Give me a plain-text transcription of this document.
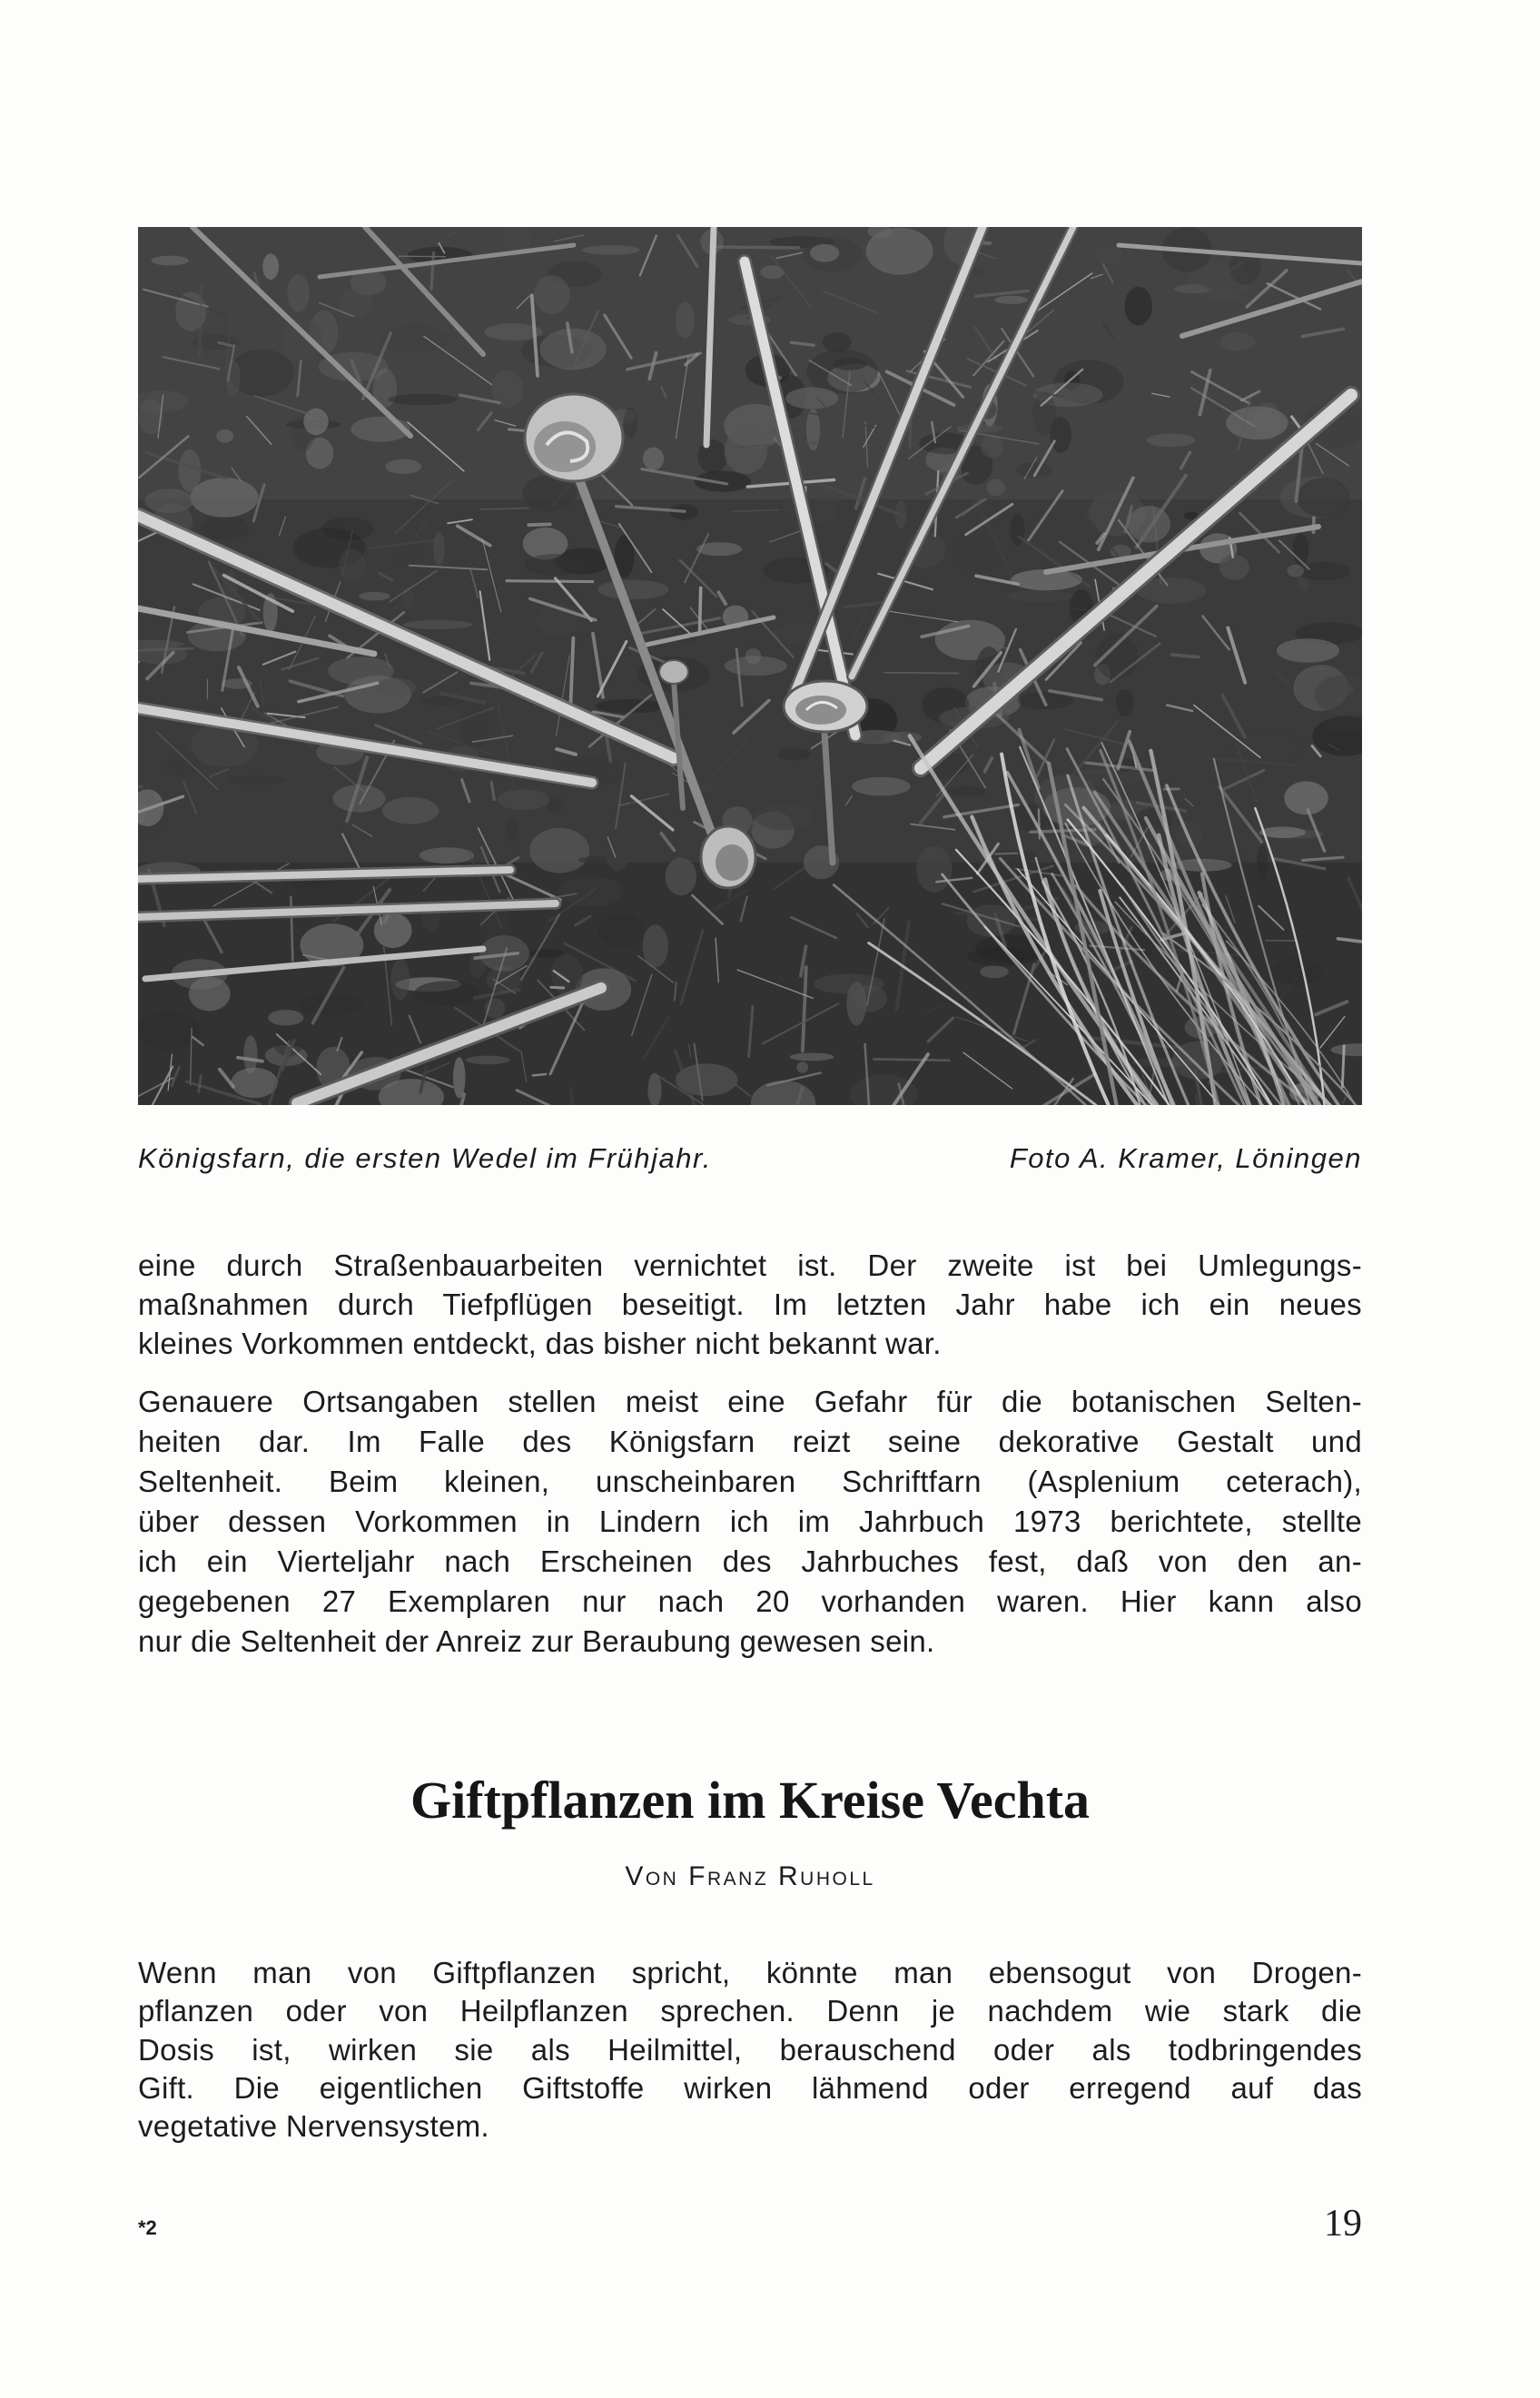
Königsfarn, die ersten Wedel im Frühjahr.	Foto A. Kramer, Löningen
eine durch Straßenbauarbeiten vernichtet ist. Der zweite ist bei Umlegungs-
maßnahmen durch Tiefpflügen beseitigt. Im letzten Jahr habe ich ein neues
kleines Vorkommen entdeckt, das bisher nicht bekannt war.
Genauere Ortsangaben stellen meist eine Gefahr für die botanischen Selten-
heiten dar. Im Falle des Königsfarn reizt seine dekorative Gestalt und
Seltenheit. Beim kleinen, unscheinbaren Schriftfarn (Asplenium ceterach),
über dessen Vorkommen in Lindern ich im Jahrbuch 1973 berichtete, stellte
ich ein Vierteljahr nach Erscheinen des Jahrbuches fest, daß von den an-
gegebenen 27 Exemplaren nur nach 20 vorhanden waren. Hier kann also
nur die Seltenheit der Anreiz zur Beraubung gewesen sein.
Giftpflanzen im Kreise Vechta
Von Franz Ruholl
Wenn man von Giftpflanzen spricht, könnte man ebensogut von Drogen-
pflanzen oder von Heilpflanzen sprechen. Denn je nachdem wie stark die
Dosis ist, wirken sie als Heilmittel, berauschend oder als todbringendes
Gift. Die eigentlichen Giftstoffe wirken lähmend oder erregend auf das
vegetative Nervensystem.
*2	19
